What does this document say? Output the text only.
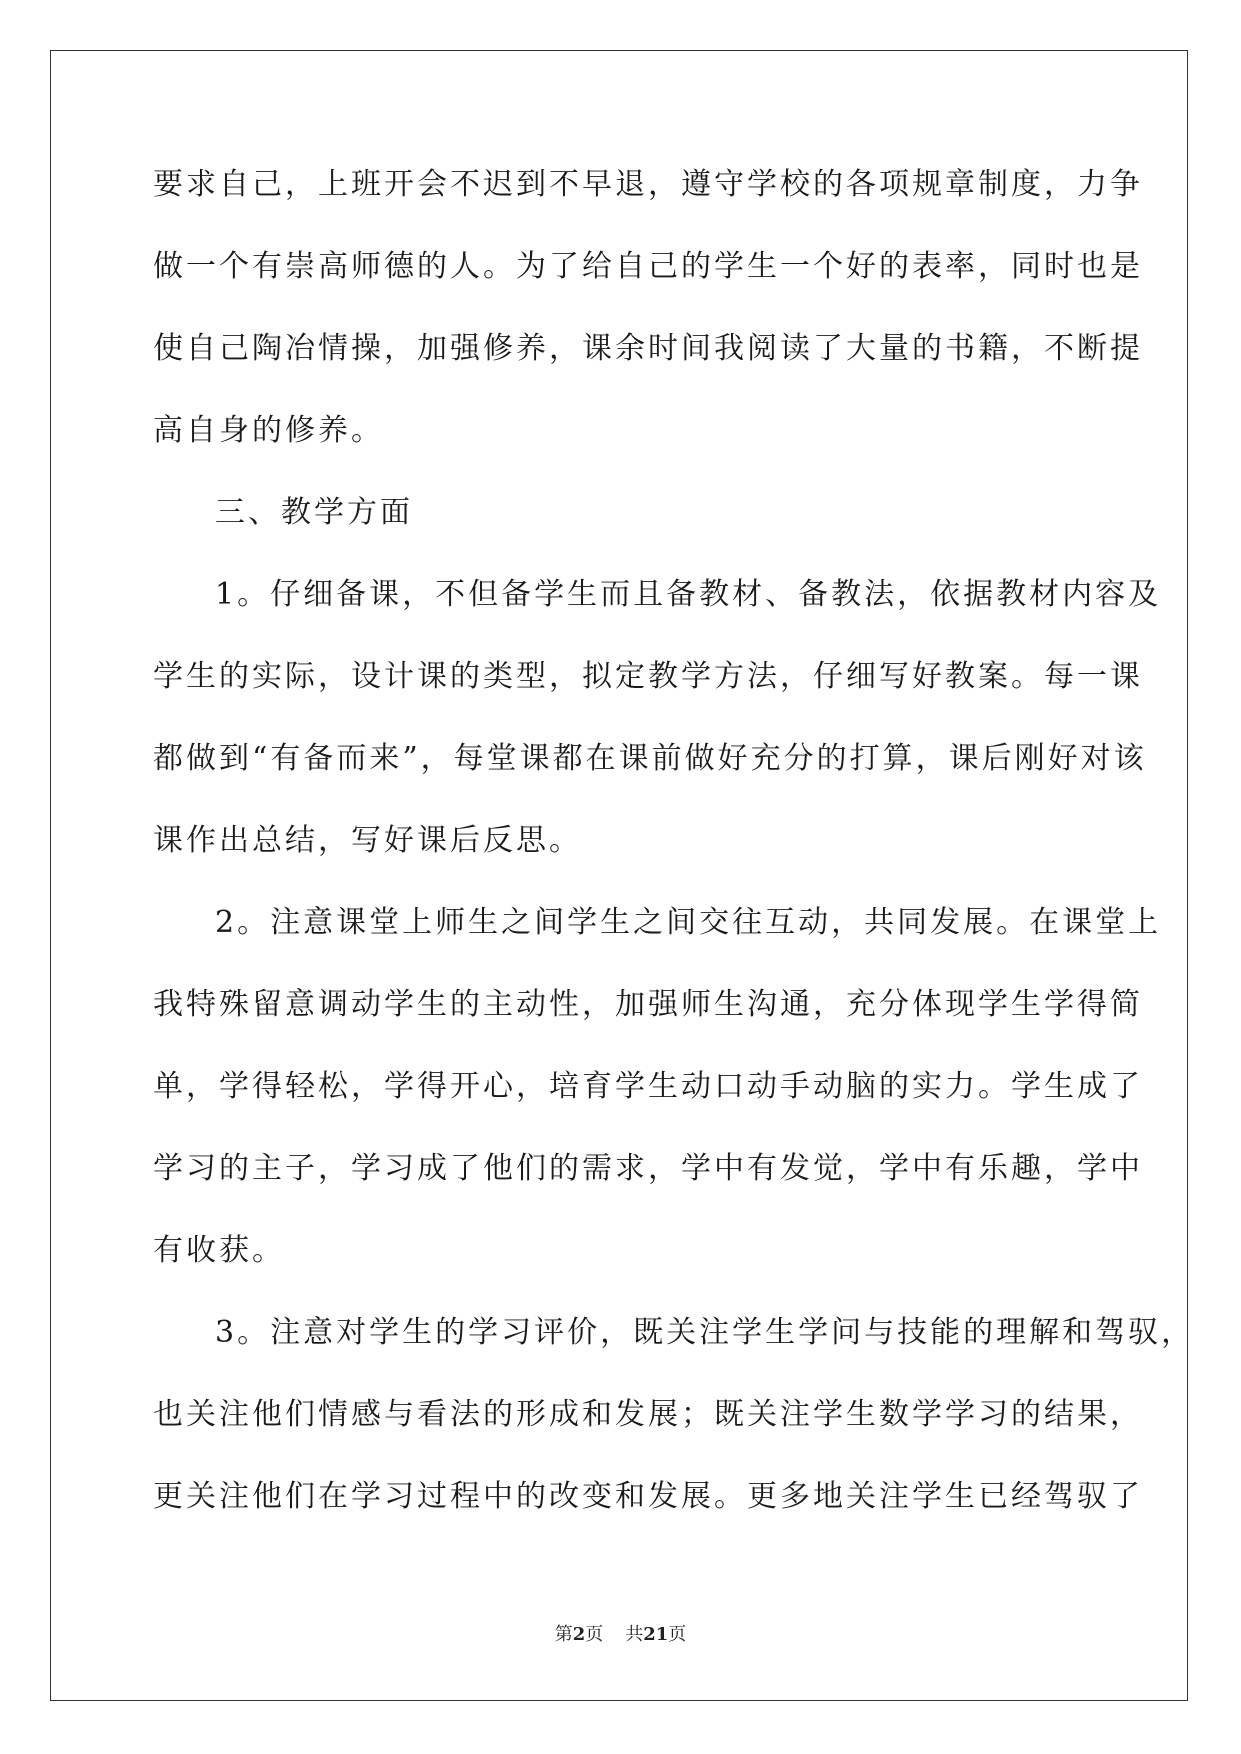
要求自己，上班开会不迟到不早退，遵守学校的各项规章制度，力争
做一个有崇高师德的人。为了给自己的学生一个好的表率，同时也是
使自己陶冶情操，加强修养，课余时间我阅读了大量的书籍，不断提
高自身的修养。
三、教学方面
1。仔细备课，不但备学生而且备教材、备教法，依据教材内容及
学生的实际，设计课的类型，拟定教学方法，仔细写好教案。每一课
都做到“有备而来”，每堂课都在课前做好充分的打算，课后刚好对该
课作出总结，写好课后反思。
2。注意课堂上师生之间学生之间交往互动，共同发展。在课堂上
我特殊留意调动学生的主动性，加强师生沟通，充分体现学生学得简
单，学得轻松，学得开心，培育学生动口动手动脑的实力。学生成了
学习的主子，学习成了他们的需求，学中有发觉，学中有乐趣，学中
有收获。
3。注意对学生的学习评价，既关注学生学问与技能的理解和驾驭，
也关注他们情感与看法的形成和发展；既关注学生数学学习的结果，
更关注他们在学习过程中的改变和发展。更多地关注学生已经驾驭了
第2页 共21页
